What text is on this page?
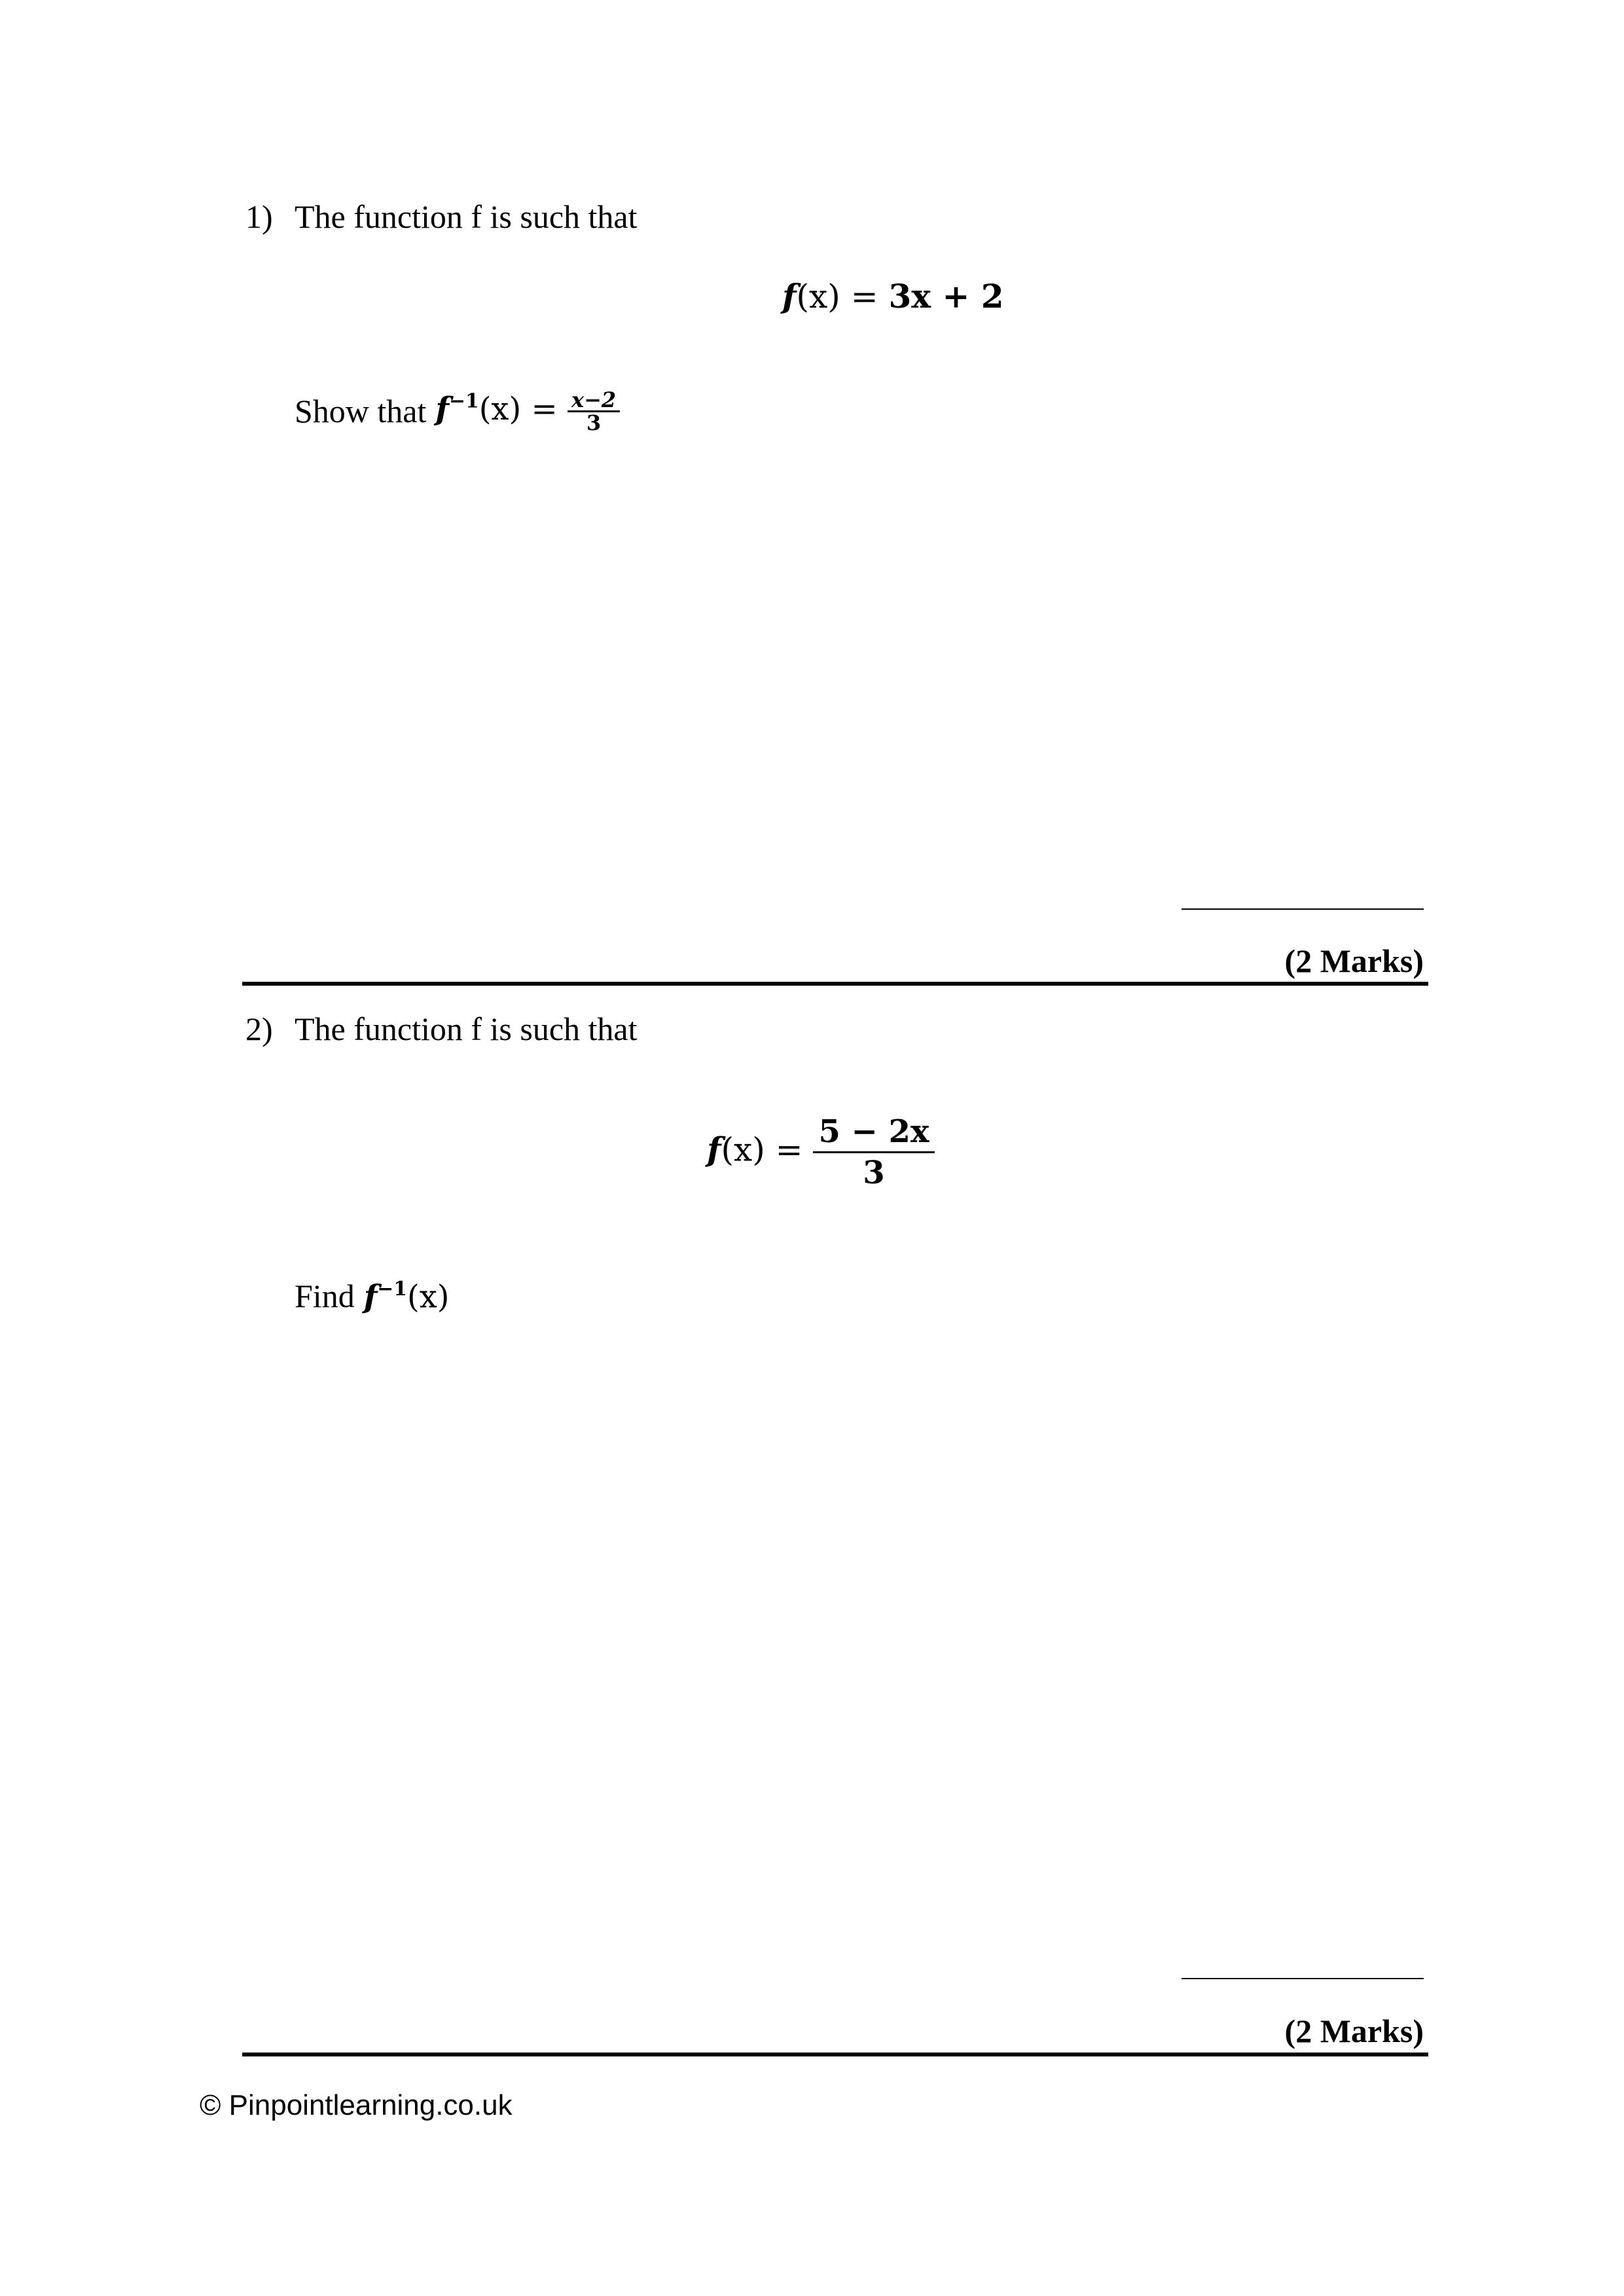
1) The function f is such that
f(x) = 3x + 2
Show that $f^{-1}(x) = \frac{x-2}{3}$
(2 Marks)
2) The function f is such that
$f(x) = \frac{5 - 2x}{3}$
Find $f^{-1}(x)$
(2 Marks)
© Pinpointlearning.co.uk
